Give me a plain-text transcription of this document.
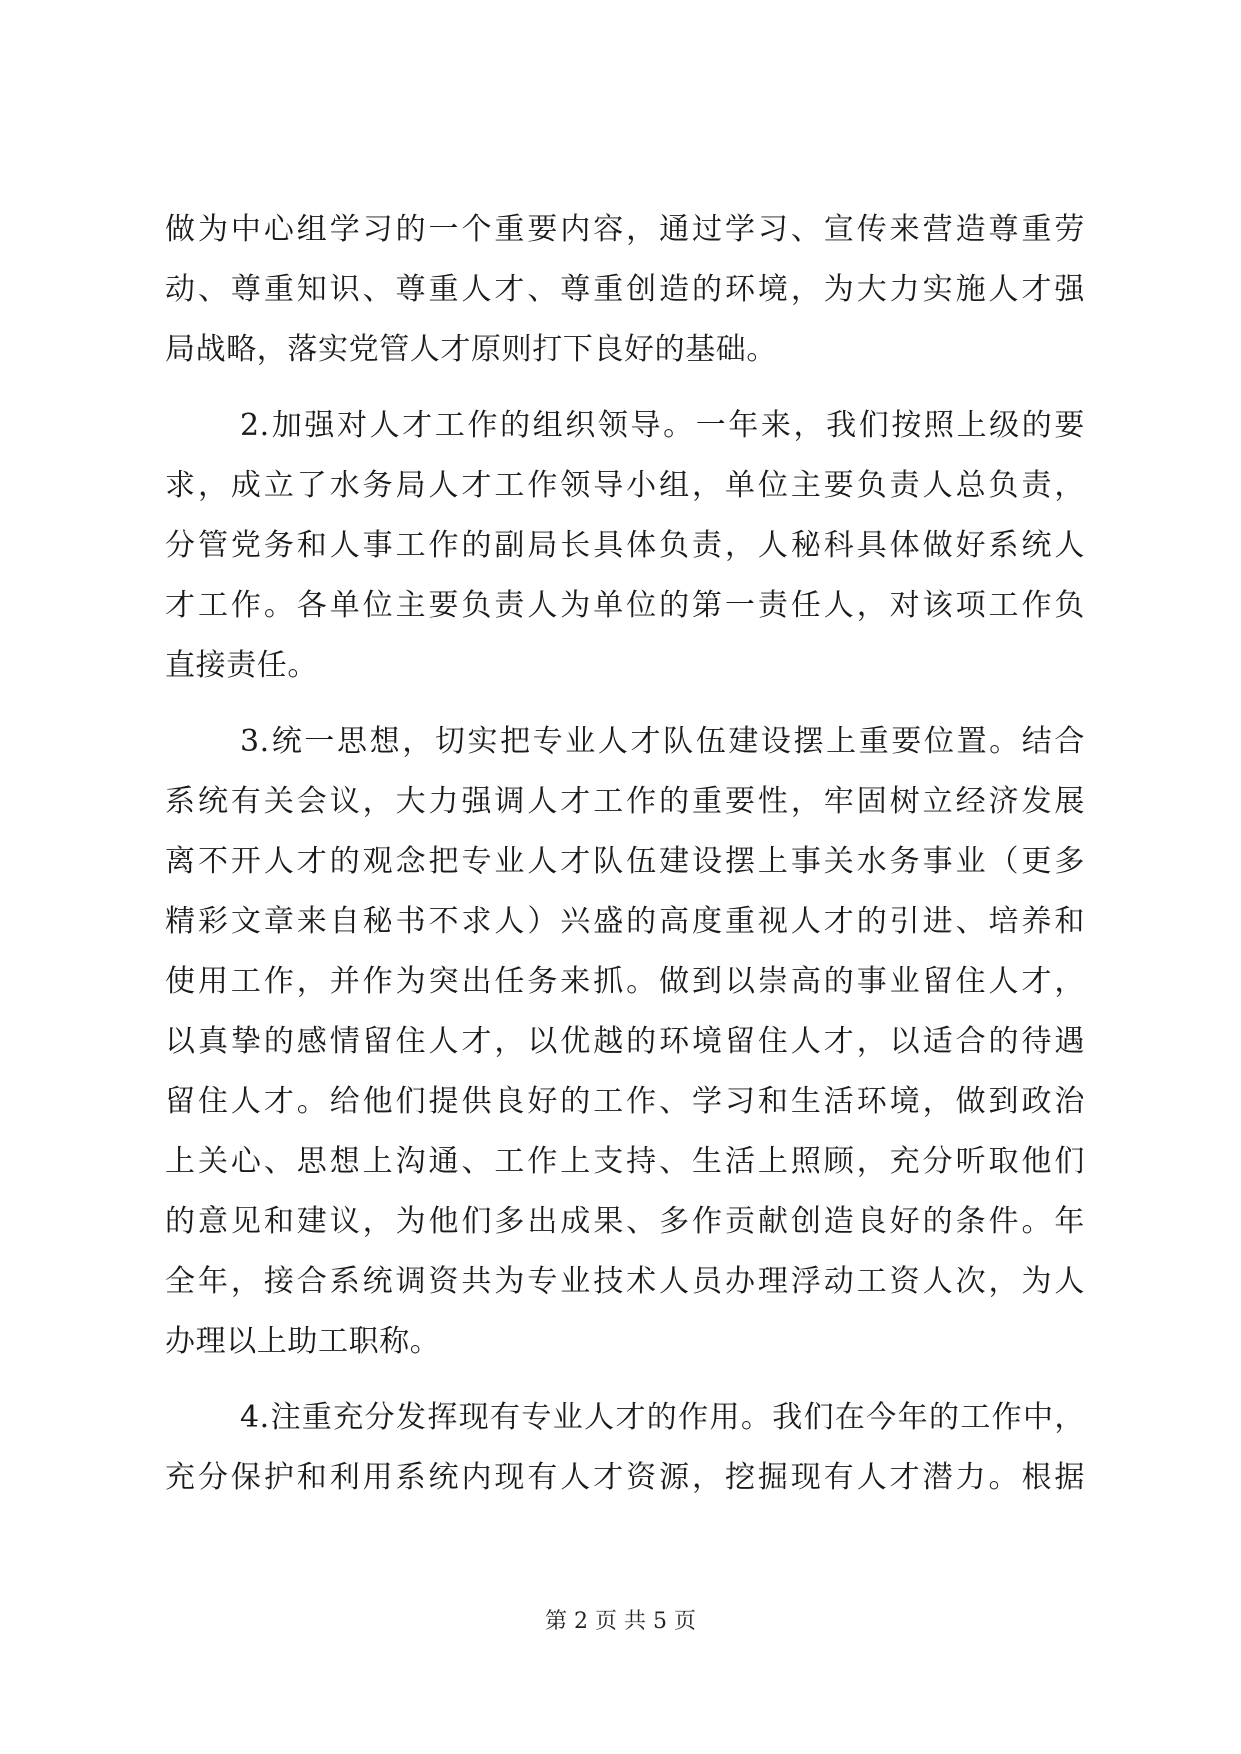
做为中心组学习的一个重要内容，通过学习、宣传来营造尊重劳
动、尊重知识、尊重人才、尊重创造的环境，为大力实施人才强
局战略，落实党管人才原则打下良好的基础。
2.加强对人才工作的组织领导。一年来，我们按照上级的要
求，成立了水务局人才工作领导小组，单位主要负责人总负责，
分管党务和人事工作的副局长具体负责，人秘科具体做好系统人
才工作。各单位主要负责人为单位的第一责任人，对该项工作负
直接责任。
3.统一思想，切实把专业人才队伍建设摆上重要位置。结合
系统有关会议，大力强调人才工作的重要性，牢固树立经济发展
离不开人才的观念把专业人才队伍建设摆上事关水务事业（更多
精彩文章来自秘书不求人）兴盛的高度重视人才的引进、培养和
使用工作，并作为突出任务来抓。做到以崇高的事业留住人才，
以真挚的感情留住人才，以优越的环境留住人才，以适合的待遇
留住人才。给他们提供良好的工作、学习和生活环境，做到政治
上关心、思想上沟通、工作上支持、生活上照顾，充分听取他们
的意见和建议，为他们多出成果、多作贡献创造良好的条件。年
全年，接合系统调资共为专业技术人员办理浮动工资人次，为人
办理以上助工职称。
4.注重充分发挥现有专业人才的作用。我们在今年的工作中，
充分保护和利用系统内现有人才资源，挖掘现有人才潜力。根据
第 2 页 共 5 页
